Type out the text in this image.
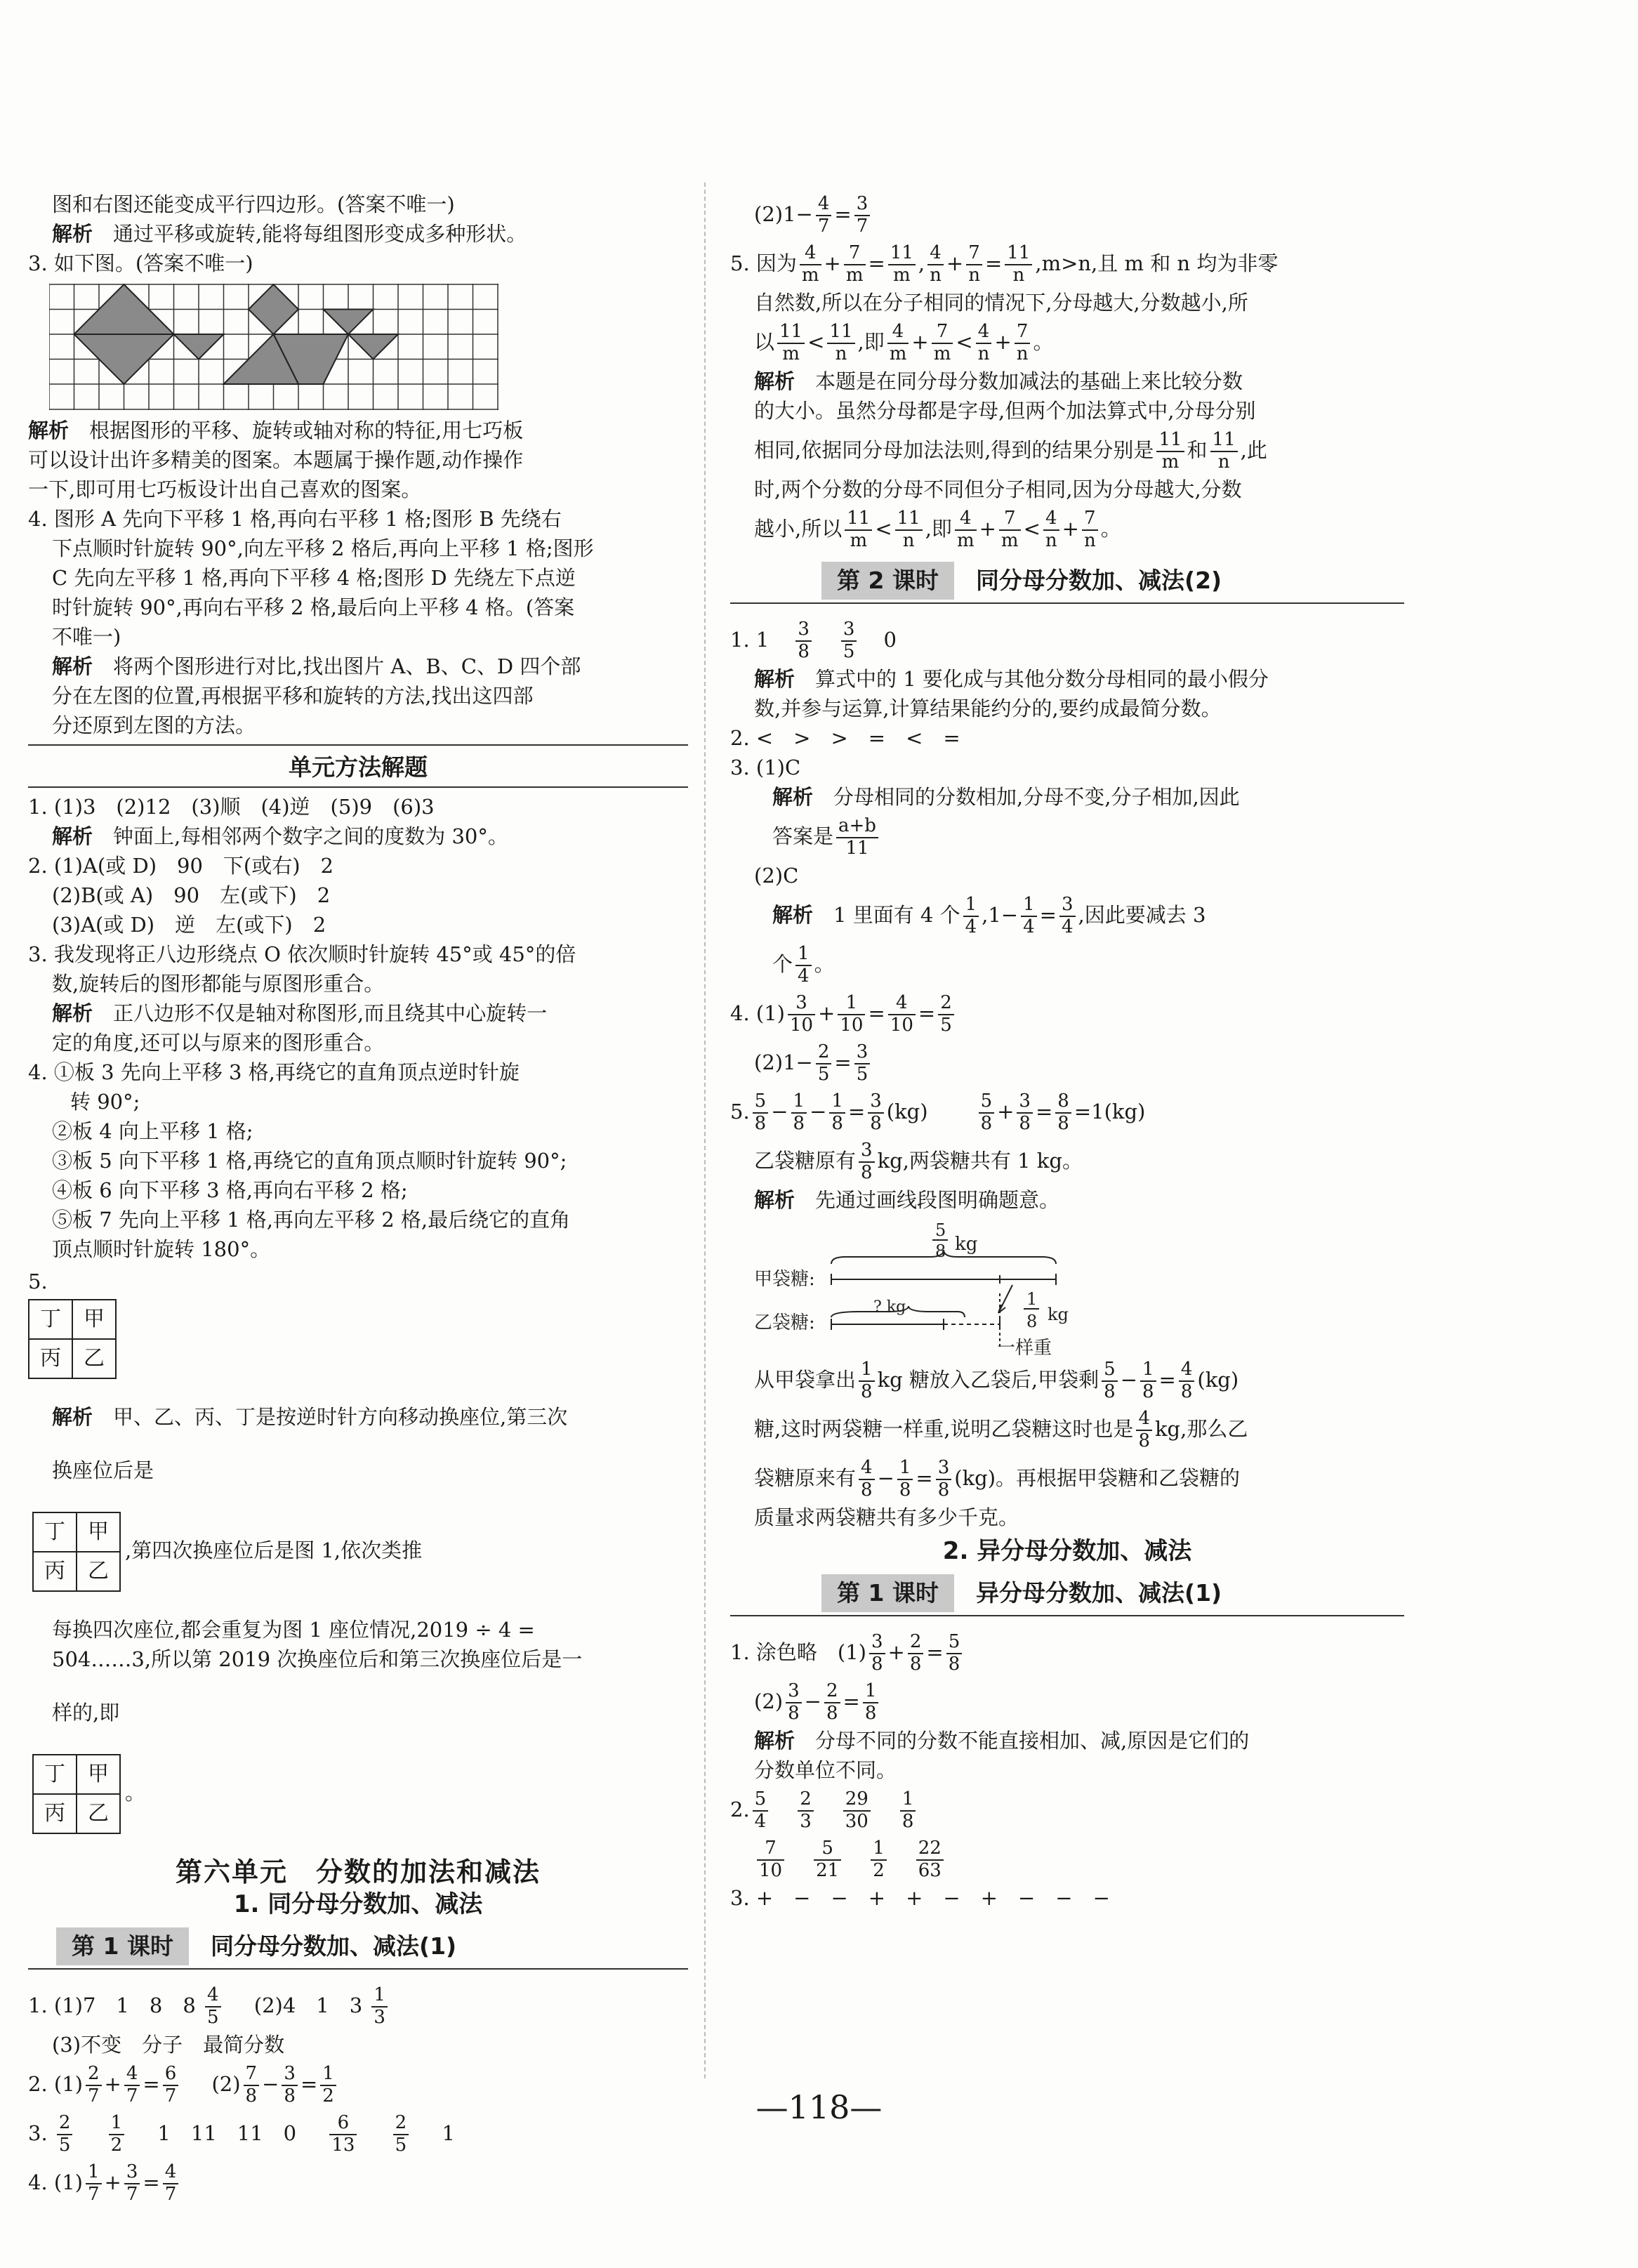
图和右图还能变成平行四边形。(答案不唯一)

解析　 通过平移或旋转,能将每组图形变成多种形状。

3. 如下图。(答案不唯一)

解析　 根据图形的平移、旋转或轴对称的特征,用七巧板

可以设计出许多精美的图案。本题属于操作题,动作操作

一下,即可用七巧板设计出自己喜欢的图案。

4. 图形 A 先向下平移 1 格,再向右平移 1 格;图形 B 先绕右

下点顺时针旋转 90°,向左平移 2 格后,再向上平移 1 格;图形

C 先向左平移 1 格,再向下平移 4 格;图形 D 先绕左下点逆

时针旋转 90°,再向右平移 2 格,最后向上平移 4 格。(答案

不唯一)

解析　 将两个图形进行对比,找出图片 A、B、C、D 四个部

分在左图的位置,再根据平移和旋转的方法,找出这四部

分还原到左图的方法。

单元方法解题

1. (1)3　(2)12　(3)顺　(4)逆　(5)9　(6)3

解析　 钟面上,每相邻两个数字之间的度数为 30°。

2. (1)A(或 D)　90　下(或右)　2

(2)B(或 A)　90　左(或下)　2

(3)A(或 D)　逆　左(或下)　2

3. 我发现将正八边形绕点 O 依次顺时针旋转 45°或 45°的倍

数,旋转后的图形都能与原图形重合。

解析　 正八边形不仅是轴对称图形,而且绕其中心旋转一

定的角度,还可以与原来的图形重合。

4. ①板 3 先向上平移 3 格,再绕它的直角顶点逆时针旋

转 90°;

②板 4 向上平移 1 格;

③板 5 向下平移 1 格,再绕它的直角顶点顺时针旋转 90°;

④板 6 向下平移 3 格,再向右平移 2 格;

⑤板 7 先向上平移 1 格,再向左平移 2 格,最后绕它的直角

顶点顺时针旋转 180°。

5.

丁	甲
丙	乙

解析　 甲、乙、丙、丁是按逆时针方向移动换座位,第三次

换座位后是

丁	甲
丙	乙,第四次换座位后是图 1,依次类推

每换四次座位,都会重复为图 1 座位情况,2019 ÷ 4 =

504……3,所以第 2019 次换座位后和第三次换座位后是一

样的,即

丁	甲
丙	乙。

第六单元　分数的加法和减法
1. 同分母分数加、减法
第 1 课时	同分母分数加、减法(1)

1. (1)7　1　8　$8 \frac{4}{5} (2)4$　1　$3 \frac{1}{3}$

(3)不变　分子　最简分数

2. $(1) \frac{2}{7} + \frac{4}{7} = \frac{6}{7} (2) \frac{7}{8} - \frac{3}{8} = \frac{1}{2}$

3. $\frac{2}{5}$
$\frac{1}{2} 1$　11　11　$0 \frac{6}{13}$
$\frac{2}{5} 1$

4. $(1) \frac{1}{7} + \frac{3}{7} = \frac{4}{7}$

$(2)1- \frac{4}{7} = \frac{3}{7}$

5. 因为 $\frac{4}{m} + \frac{7}{m} = \frac{11}{m}$ , $\frac{4}{n} + \frac{7}{n} = \frac{11}{n} ,m>n$,且 m 和 n 均为非零

自然数,所以在分子相同的情况下,分母越大,分数越小,所

以 $\frac{11}{m} < \frac{11}{n}$ ,即 $\frac{4}{m} + \frac{7}{m} < \frac{4}{n} + \frac{7}{n}$ 。

解析　 本题是在同分母分数加减法的基础上来比较分数

的大小。虽然分母都是字母,但两个加法算式中,分母分别

相同,依据同分母加法法则,得到的结果分别是 $\frac{11}{m}$ 和 $\frac{11}{n}$ ,此

时,两个分数的分母不同但分子相同,因为分母越大,分数

越小,所以 $\frac{11}{m} < \frac{11}{n}$ ,即 $\frac{4}{m} + \frac{7}{m} < \frac{4}{n} + \frac{7}{n}$ 。

第 2 课时	同分母分数加、减法(2)

1. $1 \frac{3}{8} \frac{3}{5} 0$

解析　 算式中的 1 要化成与其他分数分母相同的最小假分

数,并参与运算,计算结果能约分的,要约成最简分数。

2. <　>　>　=　<　=

3. (1)C

解析　 分母相同的分数相加,分母不变,分子相加,因此

答案是 $\frac{a+b}{11}$

(2)C

解析　 1 里面有 4 个 $\frac{1}{4} ,1- \frac{1}{4} = \frac{3}{4}$ ,因此要减去 3

个 $\frac{1}{4}$ 。

4. $(1) \frac{3}{10} + \frac{1}{10} = \frac{4}{10} = \frac{2}{5}$

$(2)1- \frac{2}{5} = \frac{3}{5}$

5. $\frac{5}{8} - \frac{1}{8} - \frac{1}{8} = \frac{3}{8} (kg)$	$\frac{5}{8} + \frac{3}{8} = \frac{8}{8} =1(kg)$

乙袋糖原有 $\frac{3}{8}$ kg,两袋糖共有 1 kg。

解析　 先通过画线段图明确题意。

5
8 kg
甲袋糖:
乙袋糖:
? kg	1
8 kg
一样重

从甲袋拿出 $\frac{1}{8}$ kg 糖放入乙袋后,甲袋剩 $\frac{5}{8} - \frac{1}{8} = \frac{4}{8} (kg)$

糖,这时两袋糖一样重,说明乙袋糖这时也是 $\frac{4}{8}$ kg,那么乙

袋糖原来有 $\frac{4}{8} - \frac{1}{8} = \frac{3}{8} (kg)$。再根据甲袋糖和乙袋糖的

质量求两袋糖共有多少千克。

2. 异分母分数加、减法
第 1 课时	异分母分数加、减法(1)

1. 涂色略　$(1) \frac{3}{8} + \frac{2}{8} = \frac{5}{8}$

$(2) \frac{3}{8} - \frac{2}{8} = \frac{1}{8}$

解析　 分母不同的分数不能直接相加、减,原因是它们的

分数单位不同。

2. $\frac{5}{4} \frac{2}{3} \frac{29}{30} \frac{1}{8}$

$\frac{7}{10} \frac{5}{21} \frac{1}{2} \frac{22}{63}$

3. +　−　−　+　+　−　+　−　−　−

—118—
